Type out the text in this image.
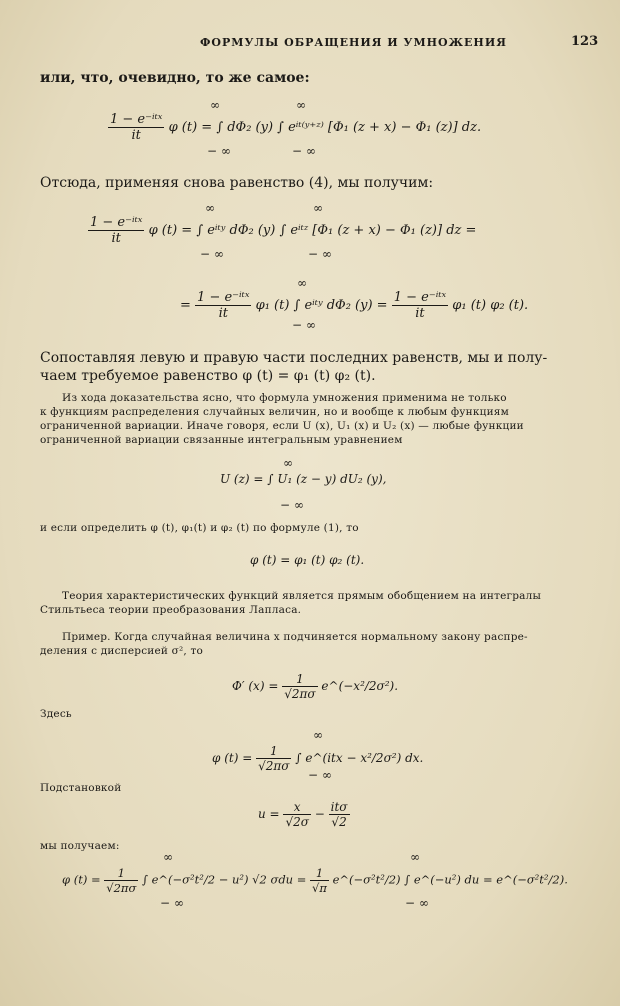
ФОРМУЛЫ ОБРАЩЕНИЯ И УМНОЖЕНИЯ	123
или, что, очевидно, то же самое:
∞	∞
$\frac{\text{1 − e⁻ⁱᵗˣ}}{it}$ φ (t) = ∫ dΦ₂ (y) ∫ eⁱᵗ⁽ʸ⁺ᶻ⁾ [Φ₁ (z + x) − Φ₁ (z)] dz.
− ∞	− ∞
Отсюда, применяя снова равенство (4), мы получим:
∞	∞
$\frac{\text{1 − e⁻ⁱᵗˣ}}{it}$ φ (t) = ∫ eⁱᵗʸ dΦ₂ (y) ∫ eⁱᵗᶻ [Φ₁ (z + x) − Φ₁ (z)] dz =
− ∞	− ∞
∞
= $\frac{\text{1 − e⁻ⁱᵗˣ}}{it} \varphi_1$ (t) ∫ eⁱᵗʸ dΦ₂ $(y) = \frac{\text{1 − e⁻ⁱᵗˣ}}{it} \varphi_1$ (t) φ₂ (t).
− ∞
Сопоставляя левую и правую части последних равенств, мы и полу-
чаем требуемое равенство φ (t) = φ₁ (t) φ₂ (t).
Из хода доказательства ясно, что формула умножения применима не только
к функциям распределения случайных величин, но и вообще к любым функциям
ограниченной вариации. Иначе говоря, если U (x), U₁ (x) и U₂ (x) — любые функции
ограниченной вариации связанные интегральным уравнением
∞
U (z) = ∫ U₁ (z − y) dU₂ (y),
− ∞
и если определить φ (t), φ₁(t) и φ₂ (t) по формуле (1), то
φ (t) = φ₁ (t) φ₂ (t).
Теория характеристических функций является прямым обобщением на интегралы
Стильтьеса теории преобразования Лапласа.
Пример. Когда случайная величина x подчиняется нормальному закону распре-
деления с дисперсией σ², то
Φ′ $(x) = \frac{1}{√2\pi\sigma}$ e^(−x²/2σ²).
Здесь
∞
φ $(t) = \frac{1}{√2\pi\sigma}$ ∫ e^(itx − x²/2σ²) dx.
− ∞
Подстановкой
$u = \frac{x}{√2\sigma} - \frac{\text{itσ}}{√2}$
мы получаем:
∞	∞
φ $(t) = \frac{1}{√2\pi\sigma}$ ∫ e^(−σ²t²/2 − u²) √2 $\sigma du = \frac{1}{√\pi}$ e^(−σ²t²/2) ∫ e^(−u²) du = e^(−σ²t²/2).
− ∞	− ∞
